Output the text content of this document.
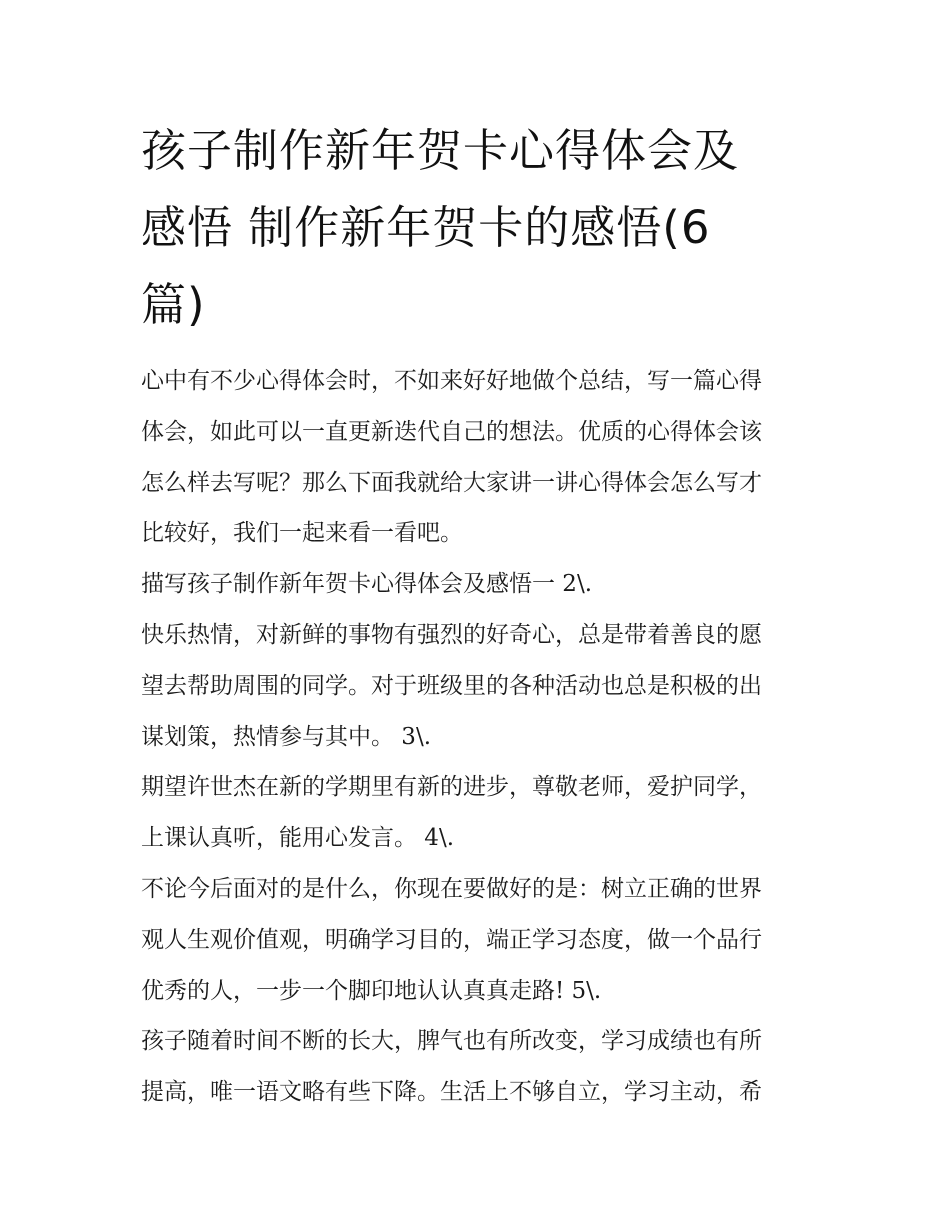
孩子制作新年贺卡心得体会及
感悟 制作新年贺卡的感悟(6
篇)

心中有不少心得体会时，不如来好好地做个总结，写一篇心得
体会，如此可以一直更新迭代自己的想法。优质的心得体会该
怎么样去写呢？那么下面我就给大家讲一讲心得体会怎么写才
比较好，我们一起来看一看吧。

描写孩子制作新年贺卡心得体会及感悟一 2\.

快乐热情，对新鲜的事物有强烈的好奇心，总是带着善良的愿
望去帮助周围的同学。对于班级里的各种活动也总是积极的出
谋划策，热情参与其中。 3\.

期望许世杰在新的学期里有新的进步，尊敬老师，爱护同学，
上课认真听，能用心发言。 4\.

不论今后面对的是什么，你现在要做好的是：树立正确的世界
观人生观价值观，明确学习目的，端正学习态度，做一个品行
优秀的人，一步一个脚印地认认真真走路! 5\.

孩子随着时间不断的长大，脾气也有所改变，学习成绩也有所
提高，唯一语文略有些下降。生活上不够自立，学习主动，希
